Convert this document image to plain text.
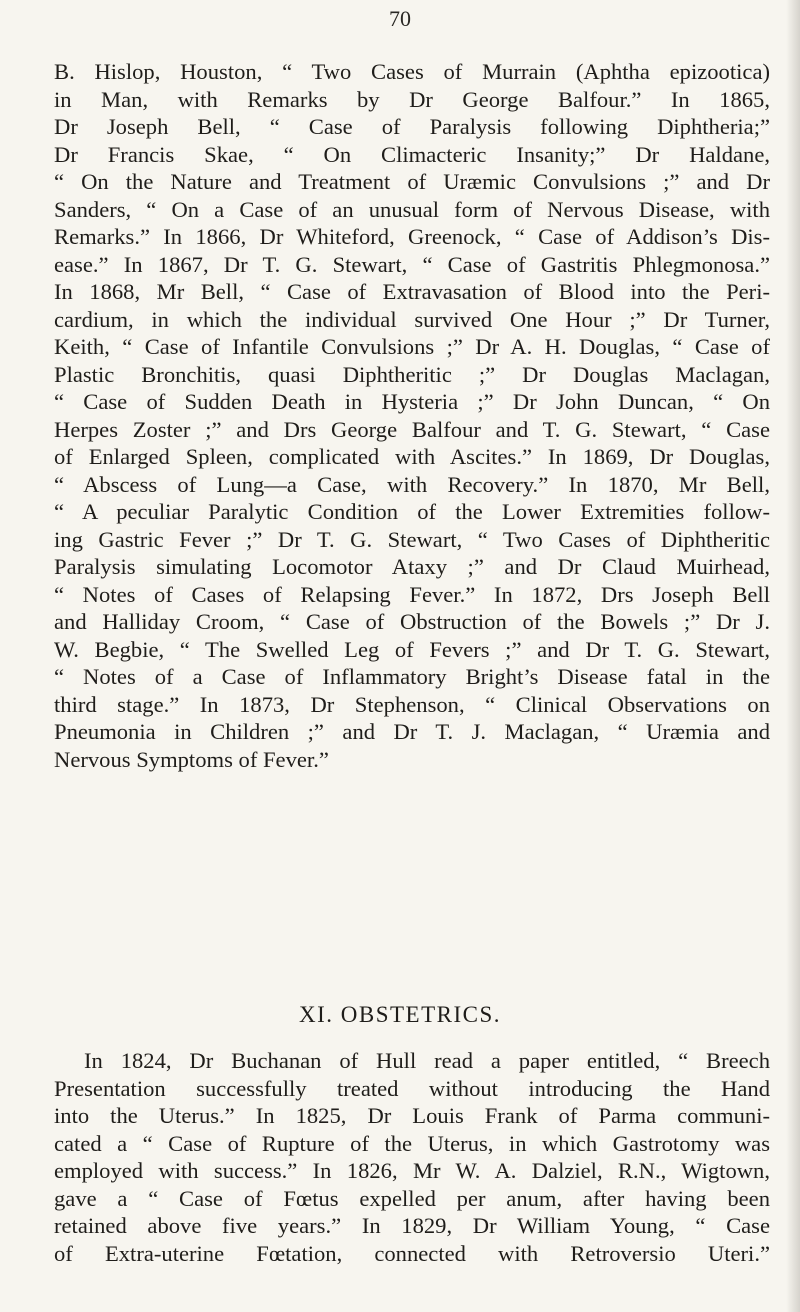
70
B. Hislop, Houston, “ Two Cases of Murrain (Aphtha epizootica)
in Man, with Remarks by Dr George Balfour.” In 1865,
Dr Joseph Bell, “ Case of Paralysis following Diphtheria;”
Dr Francis Skae, “ On Climacteric Insanity;” Dr Haldane,
“ On the Nature and Treatment of Uræmic Convulsions ;” and Dr
Sanders, “ On a Case of an unusual form of Nervous Disease, with
Remarks.” In 1866, Dr Whiteford, Greenock, “ Case of Addison’s Dis-
ease.” In 1867, Dr T. G. Stewart, “ Case of Gastritis Phlegmonosa.”
In 1868, Mr Bell, “ Case of Extravasation of Blood into the Peri-
cardium, in which the individual survived One Hour ;” Dr Turner,
Keith, “ Case of Infantile Convulsions ;” Dr A. H. Douglas, “ Case of
Plastic Bronchitis, quasi Diphtheritic ;” Dr Douglas Maclagan,
“ Case of Sudden Death in Hysteria ;” Dr John Duncan, “ On
Herpes Zoster ;” and Drs George Balfour and T. G. Stewart, “ Case
of Enlarged Spleen, complicated with Ascites.” In 1869, Dr Douglas,
“ Abscess of Lung—a Case, with Recovery.” In 1870, Mr Bell,
“ A peculiar Paralytic Condition of the Lower Extremities follow-
ing Gastric Fever ;” Dr T. G. Stewart, “ Two Cases of Diphtheritic
Paralysis simulating Locomotor Ataxy ;” and Dr Claud Muirhead,
“ Notes of Cases of Relapsing Fever.” In 1872, Drs Joseph Bell
and Halliday Croom, “ Case of Obstruction of the Bowels ;” Dr J.
W. Begbie, “ The Swelled Leg of Fevers ;” and Dr T. G. Stewart,
“ Notes of a Case of Inflammatory Bright’s Disease fatal in the
third stage.” In 1873, Dr Stephenson, “ Clinical Observations on
Pneumonia in Children ;” and Dr T. J. Maclagan, “ Uræmia and
Nervous Symptoms of Fever.”
XI. OBSTETRICS.
In 1824, Dr Buchanan of Hull read a paper entitled, “ Breech
Presentation successfully treated without introducing the Hand
into the Uterus.” In 1825, Dr Louis Frank of Parma communi-
cated a “ Case of Rupture of the Uterus, in which Gastrotomy was
employed with success.” In 1826, Mr W. A. Dalziel, R.N., Wigtown,
gave a “ Case of Fœtus expelled per anum, after having been
retained above five years.” In 1829, Dr William Young, “ Case
of Extra-uterine Fœtation, connected with Retroversio Uteri.”
